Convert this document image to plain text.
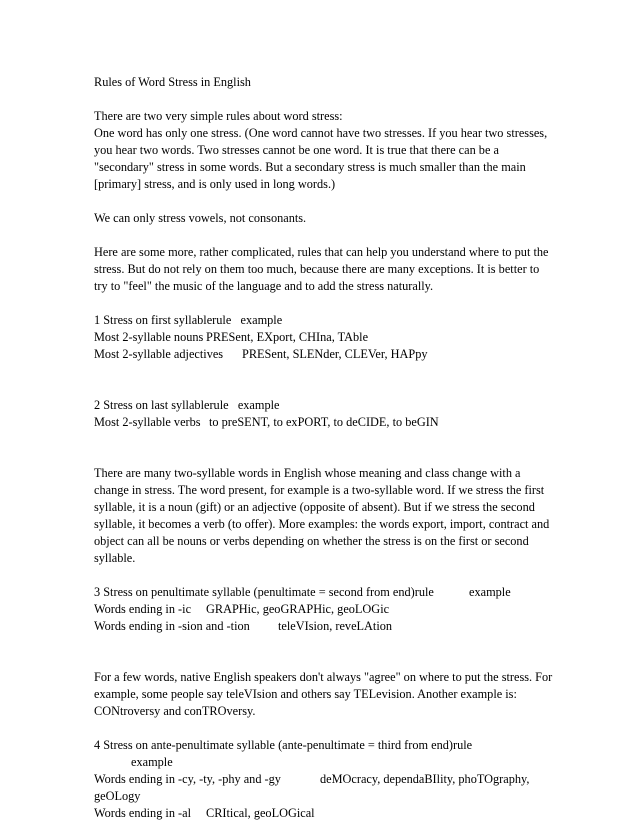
Rules of Word Stress in English

There are two very simple rules about word stress:

One word has only one stress. (One word cannot have two stresses. If you hear two stresses, you hear two words. Two stresses cannot be one word. It is true that there can be a "secondary" stress in some words. But a secondary stress is much smaller than the main [primary] stress, and is only used in long words.)

We can only stress vowels, not consonants.

Here are some more, rather complicated, rules that can help you understand where to put the stress. But do not rely on them too much, because there are many exceptions. It is better to try to "feel" the music of the language and to add the stress naturally.

1 Stress on first syllablerule example

Most 2-syllable nouns PRESent, EXport, CHIna, TAble

Most 2-syllable adjectives PRESent, SLENder, CLEVer, HAPpy

2 Stress on last syllablerule example

Most 2-syllable verbs to preSENT, to exPORT, to deCIDE, to beGIN

There are many two-syllable words in English whose meaning and class change with a change in stress. The word present, for example is a two-syllable word. If we stress the first syllable, it is a noun (gift) or an adjective (opposite of absent). But if we stress the second syllable, it becomes a verb (to offer). More examples: the words export, import, contract and object can all be nouns or verbs depending on whether the stress is on the first or second syllable.

3 Stress on penultimate syllable (penultimate = second from end)rule	example

Words ending in -ic GRAPHic, geoGRAPHic, geoLOGic

Words ending in -sion and -tion teleVIsion, reveLAtion

For a few words, native English speakers don't always "agree" on where to put the stress. For example, some people say teleVIsion and others say TELevision. Another example is: CONtroversy and conTROversy.

4 Stress on ante-penultimate syllable (ante-penultimate = third from end)rule
example

Words ending in -cy, -ty, -phy and -gy	deMOcracy, dependaBIlity, phoTOgraphy, geOLogy

Words ending in -al CRItical, geoLOGical
